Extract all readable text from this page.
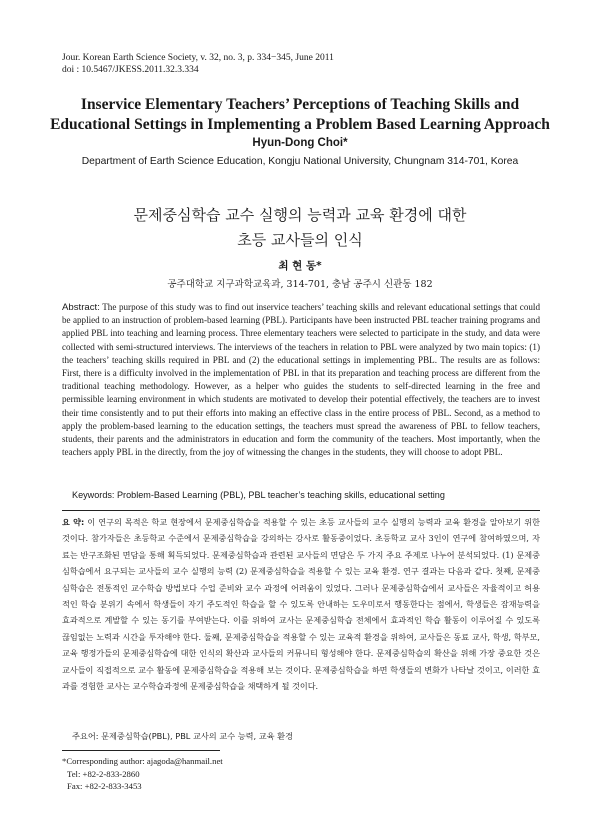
Jour. Korean Earth Science Society, v. 32, no. 3, p. 334−345, June 2011
doi : 10.5467/JKESS.2011.32.3.334
Inservice Elementary Teachers’ Perceptions of Teaching Skills and
Educational Settings in Implementing a Problem Based Learning Approach
Hyun-Dong Choi*
Department of Earth Science Education, Kongju National University, Chungnam 314-701, Korea
문제중심학습 교수 실행의 능력과 교육 환경에 대한
초등 교사들의 인식
최 현 동*
공주대학교 지구과학교육과, 314-701, 충남 공주시 신관동 182

Abstract: The purpose of this study was to find out inservice teachers’ teaching skills and relevant educational settings that could be applied to an instruction of problem-based learning (PBL). Participants have been instructed PBL teacher training programs and applied PBL into teaching and learning process. Three elementary teachers were selected to participate in the study, and data were collected with semi-structured interviews. The interviews of the teachers in relation to PBL were analyzed by two main topics: (1) the teachers’ teaching skills required in PBL and (2) the educational settings in implementing PBL. The results are as follows: First, there is a difficulty involved in the implementation of PBL in that its preparation and teaching process are different from the traditional teaching methodology. However, as a helper who guides the students to self-directed learning in the free and permissible learning environment in which students are motivated to develop their potential effectively, the teachers are to invest their time consistently and to put their efforts into making an effective class in the entire process of PBL. Second, as a method to apply the problem-based learning to the education settings, the teachers must spread the awareness of PBL to fellow teachers, students, their parents and the administrators in education and form the community of the teachers. Most importantly, when the teachers apply PBL in the directly, from the joy of witnessing the changes in the students, they will choose to adopt PBL.

Keywords: Problem-Based Learning (PBL), PBL teacher’s teaching skills, educational setting

요 약: 이 연구의 목적은 학교 현장에서 문제중심학습을 적용할 수 있는 초등 교사들의 교수 실행의 능력과 교육 환경을 알아보기 위한 것이다. 참가자들은 초등학교 수준에서 문제중심학습을 강의하는 강사로 활동중이었다. 초등학교 교사 3인이 연구에 참여하였으며, 자료는 반구조화된 면담을 통해 획득되었다. 문제중심학습과 관련된 교사들의 면담은 두 가지 주요 주제로 나누어 분석되었다. (1) 문제중심학습에서 요구되는 교사들의 교수 실행의 능력 (2) 문제중심학습을 적용할 수 있는 교육 환경. 연구 결과는 다음과 같다. 첫째, 문제중심학습은 전통적인 교수학습 방법보다 수업 준비와 교수 과정에 어려움이 있었다. 그러나 문제중심학습에서 교사들은 자율적이고 허용적인 학습 분위기 속에서 학생들이 자기 주도적인 학습을 할 수 있도록 안내하는 도우미로서 행동한다는 점에서, 학생들은 잠재능력을 효과적으로 계발할 수 있는 동기를 부여받는다. 이를 위하여 교사는 문제중심학습 전체에서 효과적인 학습 활동이 이루어질 수 있도록 끊임없는 노력과 시간을 투자해야 한다. 둘째, 문제중심학습을 적용할 수 있는 교육적 환경을 위하여, 교사들은 동료 교사, 학생, 학부모, 교육 행정가들의 문제중심학습에 대한 인식의 확산과 교사들의 커뮤니티 형성해야 한다. 문제중심학습의 확산을 위해 가장 중요한 것은 교사들이 직접적으로 교수 활동에 문제중심학습을 적용해 보는 것이다. 문제중심학습을 하면 학생들의 변화가 나타날 것이고, 이러한 효과를 경험한 교사는 교수학습과정에 문제중심학습을 채택하게 될 것이다.

주요어: 문제중심학습(PBL), PBL 교사의 교수 능력, 교육 환경
*Corresponding author: ajagoda@hanmail.net
Tel: +82-2-833-2860
Fax: +82-2-833-3453
